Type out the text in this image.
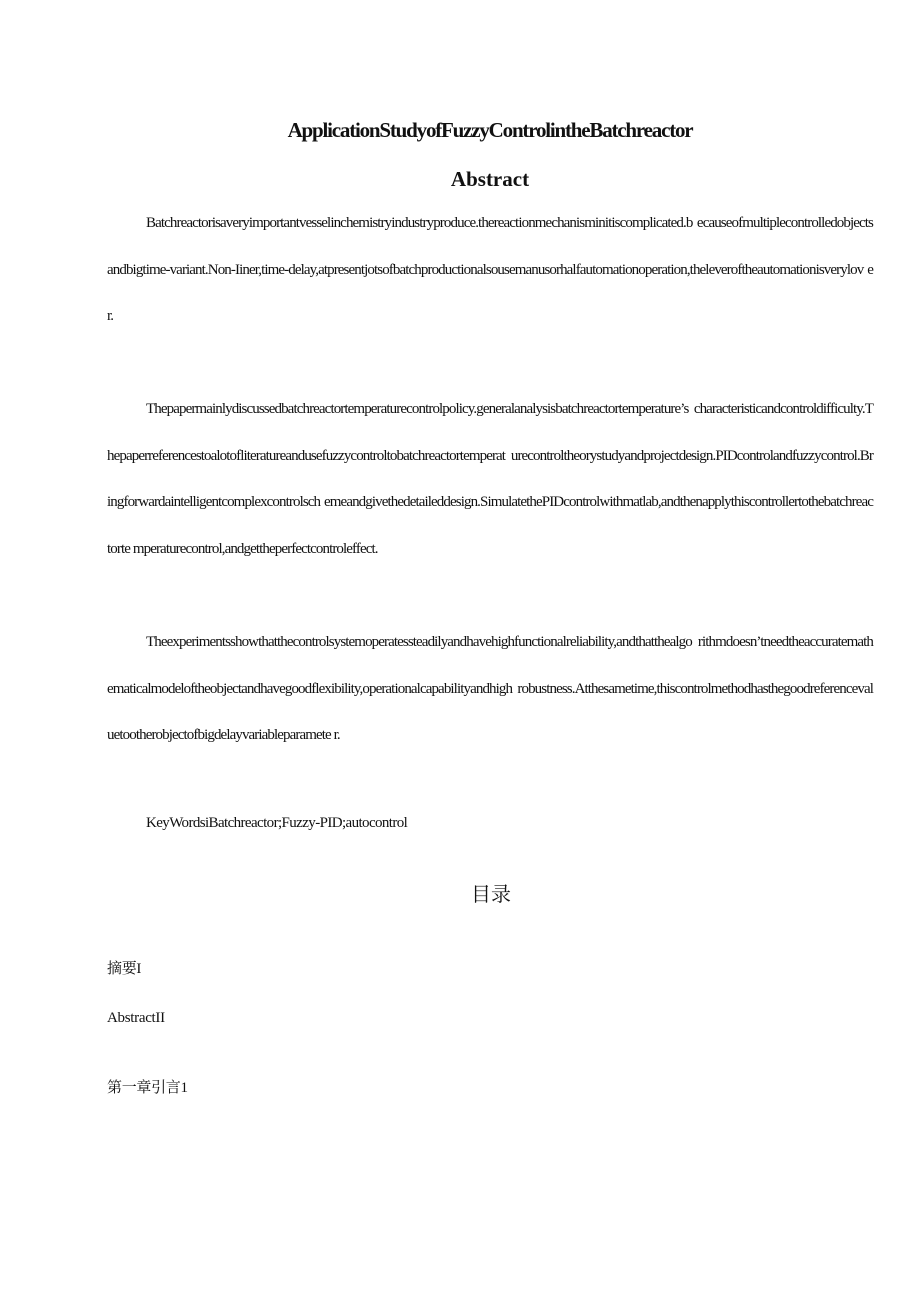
ApplicationStudyofFuzzyControlintheBatchreactor
Abstract

Batchreactorisaveryimportantvesselinchemistryindustryproduce.thereactionmechanisminitiscomplicated.b ecauseofmultiplecontrolledobjectsandbigtime-variant.Non-Iiner,time-delay,atpresentjotsofbatchproductionalsousemanusorhalfautomationoperation,theleveroftheautomationisverylov er.

Thepapermainlydiscussedbatchreactortemperaturecontrolpolicy.generalanalysisbatchreactortemperature’s characteristicandcontroldifficulty.Thepaperreferencestoalotofliteratureandusefuzzycontroltobatchreactortemperat urecontroltheorystudyandprojectdesign.PIDcontrolandfuzzycontrol.Bringforwardaintelligentcomplexcontrolsch emeandgivethedetaileddesign.SimulatethePIDcontrolwithmatlab,andthenapplythiscontrollertothebatchreactorte mperaturecontrol,andgettheperfectcontroleffect.

Theexperimentsshowthatthecontrolsystemoperatessteadilyandhavehighfunctionalreliability,andthatthealgo rithmdoesn’tneedtheaccuratemathematicalmodeloftheobjectandhavegoodflexibility,operationalcapabilityandhigh robustness.Atthesametime,thiscontrolmethodhasthegoodreferencevaluetootherobjectofbigdelayvariableparamete r.

KeyWordsiBatchreactor;Fuzzy-PID;autocontrol
目录
摘要I
AbstractII
第一章引言1
